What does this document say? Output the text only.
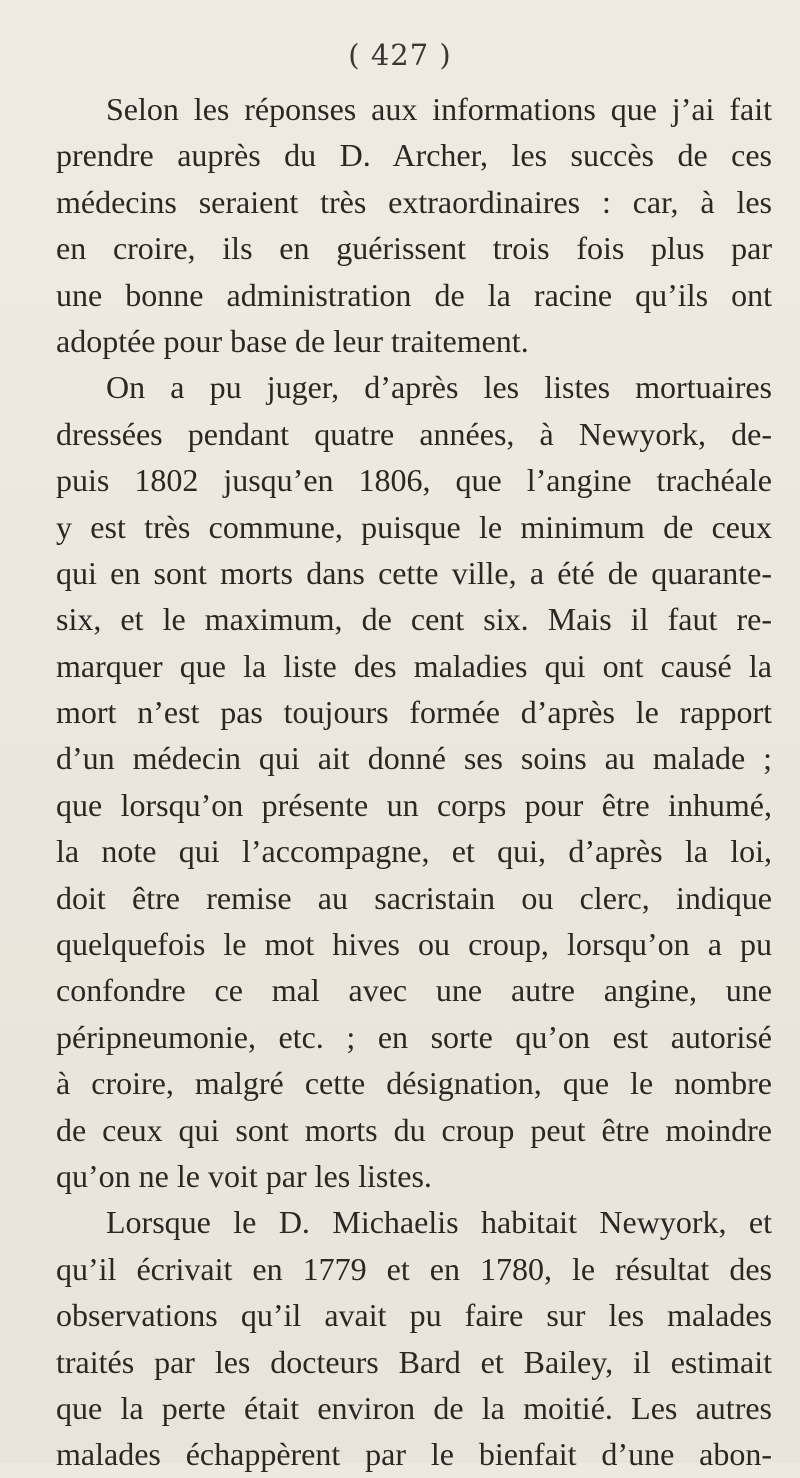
( 427 )
Selon les réponses aux informations que j’ai fait
prendre auprès du D. Archer, les succès de ces
médecins seraient très extraordinaires : car, à les
en croire, ils en guérissent trois fois plus par
une bonne administration de la racine qu’ils ont
adoptée pour base de leur traitement.
On a pu juger, d’après les listes mortuaires
dressées pendant quatre années, à Newyork, de-
puis 1802 jusqu’en 1806, que l’angine trachéale
y est très commune, puisque le minimum de ceux
qui en sont morts dans cette ville, a été de quarante-
six, et le maximum, de cent six. Mais il faut re-
marquer que la liste des maladies qui ont causé la
mort n’est pas toujours formée d’après le rapport
d’un médecin qui ait donné ses soins au malade ;
que lorsqu’on présente un corps pour être inhumé,
la note qui l’accompagne, et qui, d’après la loi,
doit être remise au sacristain ou clerc, indique
quelquefois le mot hives ou croup, lorsqu’on a pu
confondre ce mal avec une autre angine, une
péripneumonie, etc. ; en sorte qu’on est autorisé
à croire, malgré cette désignation, que le nombre
de ceux qui sont morts du croup peut être moindre
qu’on ne le voit par les listes.
Lorsque le D. Michaelis habitait Newyork, et
qu’il écrivait en 1779 et en 1780, le résultat des
observations qu’il avait pu faire sur les malades
traités par les docteurs Bard et Bailey, il estimait
que la perte était environ de la moitié. Les autres
malades échappèrent par le bienfait d’une abon-
